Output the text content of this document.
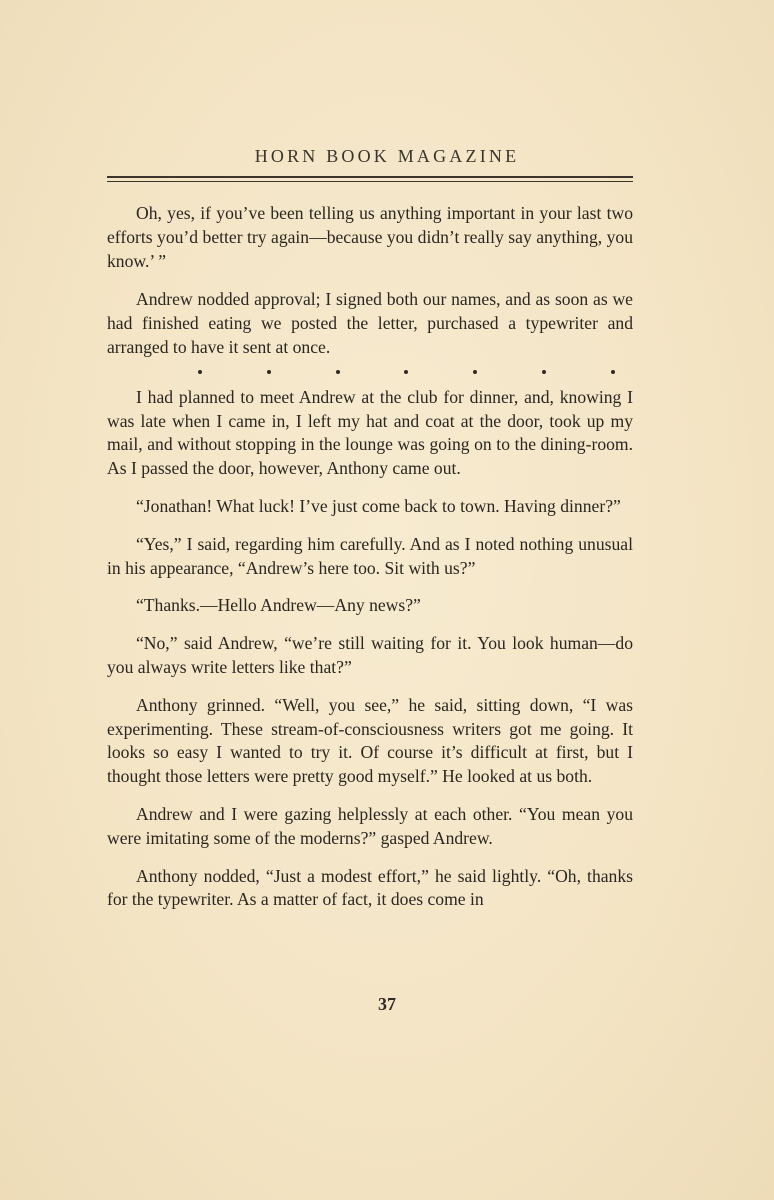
HORN BOOK MAGAZINE

Oh, yes, if you’ve been telling us anything important in your last two efforts you’d better try again—because you didn’t really say anything, you know.’ ”

Andrew nodded approval; I signed both our names, and as soon as we had finished eating we posted the letter, purchased a typewriter and arranged to have it sent at once.

I had planned to meet Andrew at the club for dinner, and, knowing I was late when I came in, I left my hat and coat at the door, took up my mail, and without stopping in the lounge was going on to the dining-room. As I passed the door, however, Anthony came out.

“Jonathan! What luck! I’ve just come back to town. Having dinner?”

“Yes,” I said, regarding him carefully. And as I noted nothing unusual in his appearance, “Andrew’s here too. Sit with us?”

“Thanks.—Hello Andrew—Any news?”

“No,” said Andrew, “we’re still waiting for it. You look human—do you always write letters like that?”

Anthony grinned. “Well, you see,” he said, sitting down, “I was experimenting. These stream-of-consciousness writers got me going. It looks so easy I wanted to try it. Of course it’s difficult at first, but I thought those letters were pretty good myself.” He looked at us both.

Andrew and I were gazing helplessly at each other. “You mean you were imitating some of the moderns?” gasped Andrew.

Anthony nodded, “Just a modest effort,” he said lightly. “Oh, thanks for the typewriter. As a matter of fact, it does come in

37
